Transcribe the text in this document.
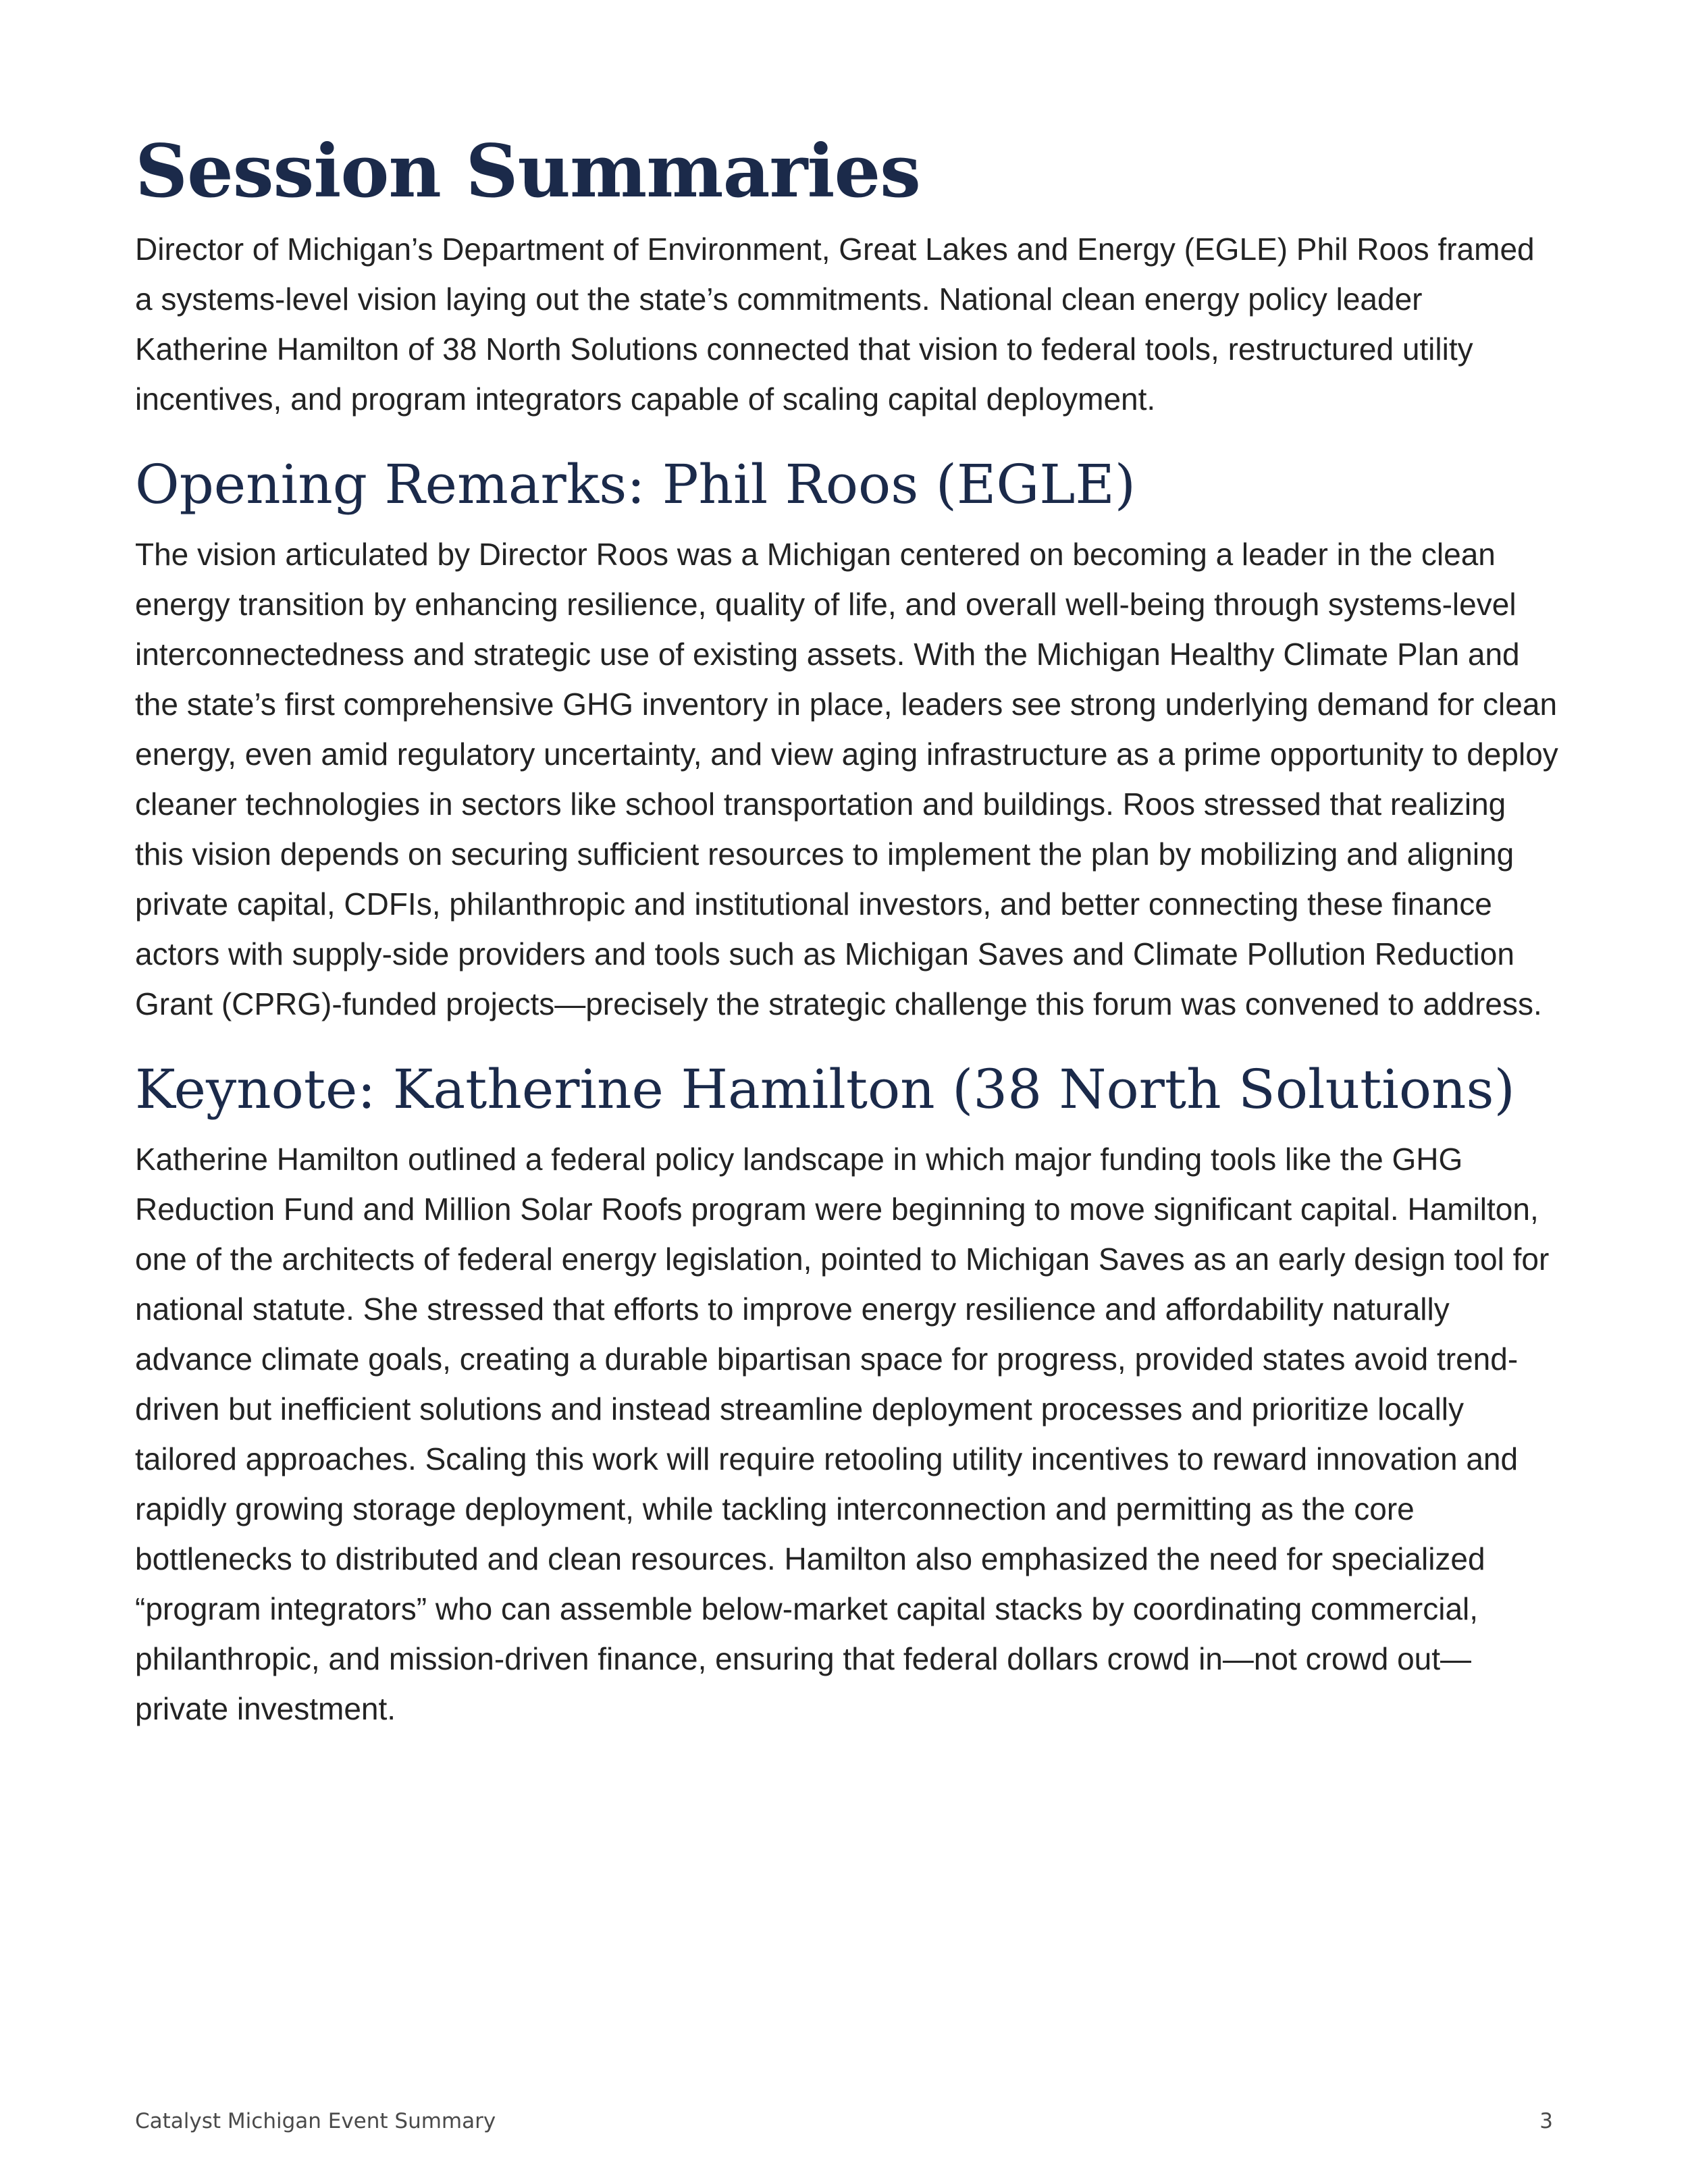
Session Summaries

Director of Michigan’s Department of Environment, Great Lakes and Energy (EGLE) Phil Roos framed a systems-level vision laying out the state’s commitments. National clean energy policy leader Katherine Hamilton of 38 North Solutions connected that vision to federal tools, restructured utility incentives, and program integrators capable of scaling capital deployment.

Opening Remarks: Phil Roos (EGLE)

The vision articulated by Director Roos was a Michigan centered on becoming a leader in the clean energy transition by enhancing resilience, quality of life, and overall well-being through systems-level interconnectedness and strategic use of existing assets. With the Michigan Healthy Climate Plan and the state’s first comprehensive GHG inventory in place, leaders see strong underlying demand for clean energy, even amid regulatory uncertainty, and view aging infrastructure as a prime opportunity to deploy cleaner technologies in sectors like school transportation and buildings. Roos stressed that realizing this vision depends on securing sufficient resources to implement the plan by mobilizing and aligning private capital, CDFIs, philanthropic and institutional investors, and better connecting these finance actors with supply-side providers and tools such as Michigan Saves and Climate Pollution Reduction Grant (CPRG)-funded projects—precisely the strategic challenge this forum was convened to address.

Keynote: Katherine Hamilton (38 North Solutions)

Katherine Hamilton outlined a federal policy landscape in which major funding tools like the GHG Reduction Fund and Million Solar Roofs program were beginning to move significant capital. Hamilton, one of the architects of federal energy legislation, pointed to Michigan Saves as an early design tool for national statute. She stressed that efforts to improve energy resilience and affordability naturally advance climate goals, creating a durable bipartisan space for progress, provided states avoid trend-driven but inefficient solutions and instead streamline deployment processes and prioritize locally tailored approaches. Scaling this work will require retooling utility incentives to reward innovation and rapidly growing storage deployment, while tackling interconnection and permitting as the core bottlenecks to distributed and clean resources. Hamilton also emphasized the need for specialized “program integrators” who can assemble below-market capital stacks by coordinating commercial, philanthropic, and mission-driven finance, ensuring that federal dollars crowd in—not crowd out—private investment.

Catalyst Michigan Event Summary	3
